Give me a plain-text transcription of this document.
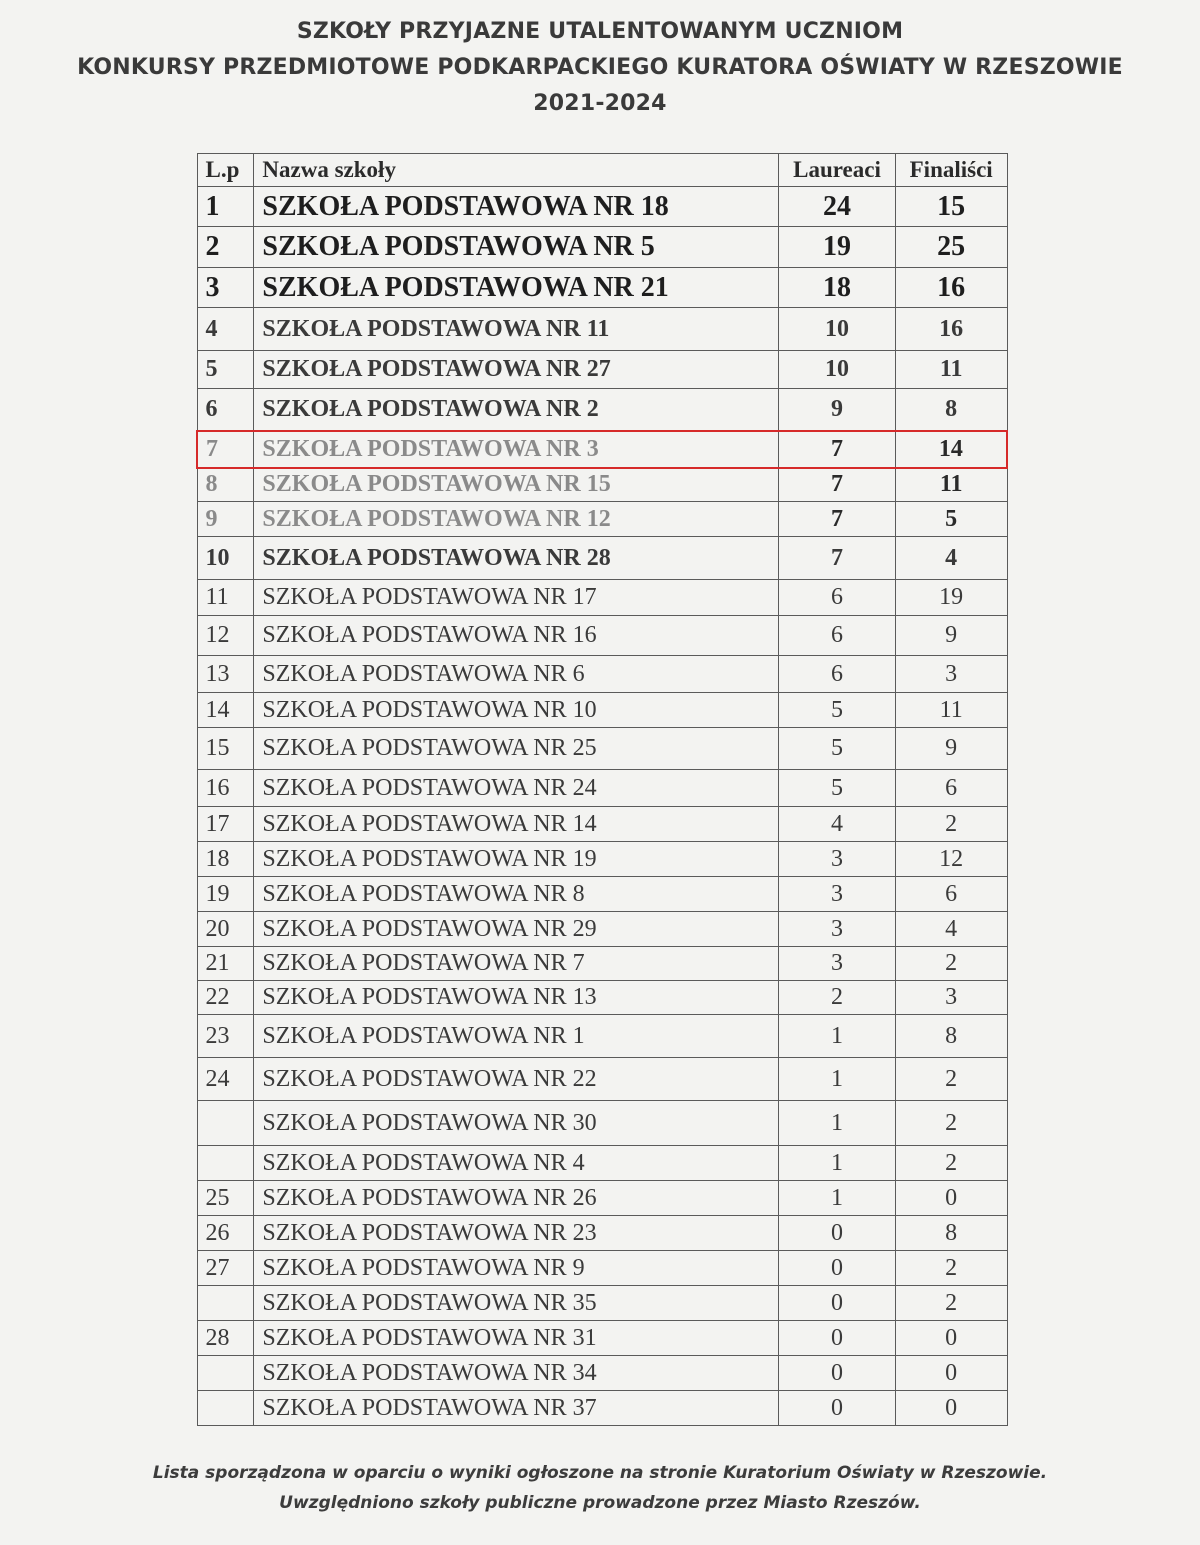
SZKOŁY PRZYJAZNE UTALENTOWANYM UCZNIOM
KONKURSY PRZEDMIOTOWE PODKARPACKIEGO KURATORA OŚWIATY W RZESZOWIE
2021-2024
L.p	Nazwa szkoły	Laureaci	Finaliści
1	SZKOŁA PODSTAWOWA NR 18	24	15
2	SZKOŁA PODSTAWOWA NR 5	19	25
3	SZKOŁA PODSTAWOWA NR 21	18	16
4	SZKOŁA PODSTAWOWA NR 11	10	16
5	SZKOŁA PODSTAWOWA NR 27	10	11
6	SZKOŁA PODSTAWOWA NR 2	9	8
7	SZKOŁA PODSTAWOWA NR 3	7	14
8	SZKOŁA PODSTAWOWA NR 15	7	11
9	SZKOŁA PODSTAWOWA NR 12	7	5
10	SZKOŁA PODSTAWOWA NR 28	7	4
11	SZKOŁA PODSTAWOWA NR 17	6	19
12	SZKOŁA PODSTAWOWA NR 16	6	9
13	SZKOŁA PODSTAWOWA NR 6	6	3
14	SZKOŁA PODSTAWOWA NR 10	5	11
15	SZKOŁA PODSTAWOWA NR 25	5	9
16	SZKOŁA PODSTAWOWA NR 24	5	6
17	SZKOŁA PODSTAWOWA NR 14	4	2
18	SZKOŁA PODSTAWOWA NR 19	3	12
19	SZKOŁA PODSTAWOWA NR 8	3	6
20	SZKOŁA PODSTAWOWA NR 29	3	4
21	SZKOŁA PODSTAWOWA NR 7	3	2
22	SZKOŁA PODSTAWOWA NR 13	2	3
23	SZKOŁA PODSTAWOWA NR 1	1	8
24	SZKOŁA PODSTAWOWA NR 22	1	2
	SZKOŁA PODSTAWOWA NR 30	1	2
	SZKOŁA PODSTAWOWA NR 4	1	2
25	SZKOŁA PODSTAWOWA NR 26	1	0
26	SZKOŁA PODSTAWOWA NR 23	0	8
27	SZKOŁA PODSTAWOWA NR 9	0	2
	SZKOŁA PODSTAWOWA NR 35	0	2
28	SZKOŁA PODSTAWOWA NR 31	0	0
	SZKOŁA PODSTAWOWA NR 34	0	0
	SZKOŁA PODSTAWOWA NR 37	0	0
Lista sporządzona w oparciu o wyniki ogłoszone na stronie Kuratorium Oświaty w Rzeszowie.
Uwzględniono szkoły publiczne prowadzone przez Miasto Rzeszów.
